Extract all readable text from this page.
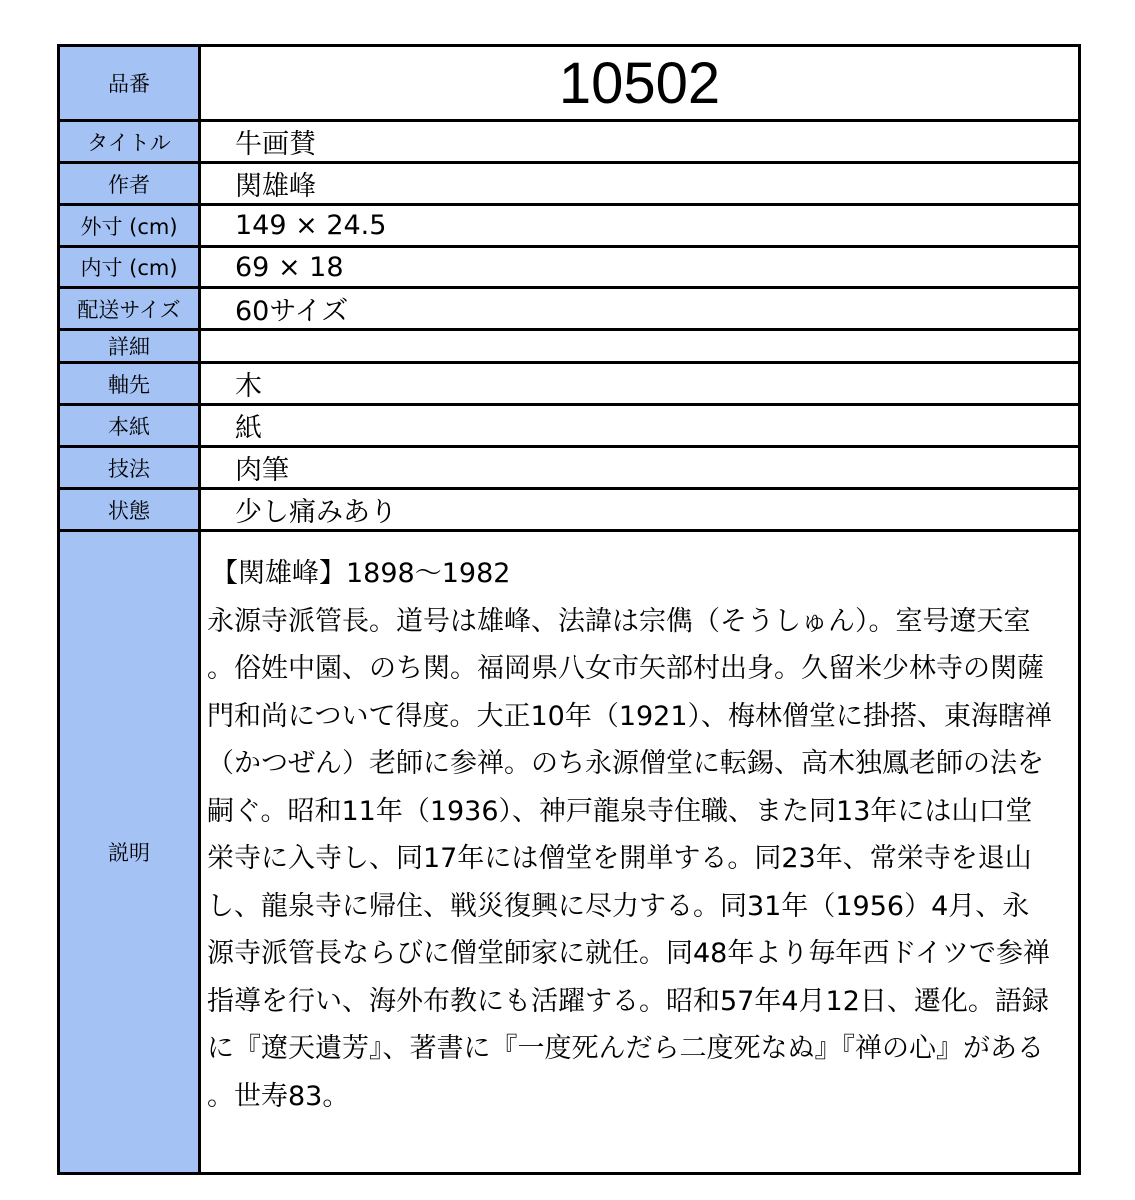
品番	10502
タイトル	牛画賛
作者	関雄峰
外寸 (cm)	149 × 24.5
内寸 (cm)	69 × 18
配送サイズ	60サイズ
詳細	
軸先	木
本紙	紙
技法	肉筆
状態	少し痛みあり
説明	【関雄峰】1898〜1982
永源寺派管長。道号は雄峰、法諱は宗儁（そうしゅん）。室号遼天室。俗姓中園、のち関。福岡県八女市矢部村出身。久留米少林寺の関薩門和尚について得度。大正10年（1921）、梅林僧堂に掛搭、東海瞎禅（かつぜん）老師に参禅。のち永源僧堂に転錫、高木独鳳老師の法を嗣ぐ。昭和11年（1936）、神戸龍泉寺住職、また同13年には山口堂栄寺に入寺し、同17年には僧堂を開単する。同23年、常栄寺を退山し、龍泉寺に帰住、戦災復興に尽力する。同31年（1956）4月、永源寺派管長ならびに僧堂師家に就任。同48年より毎年西ドイツで参禅指導を行い、海外布教にも活躍する。昭和57年4月12日、遷化。語録に『遼天遺芳』、著書に『一度死んだら二度死なぬ』『禅の心』がある。世寿83。
